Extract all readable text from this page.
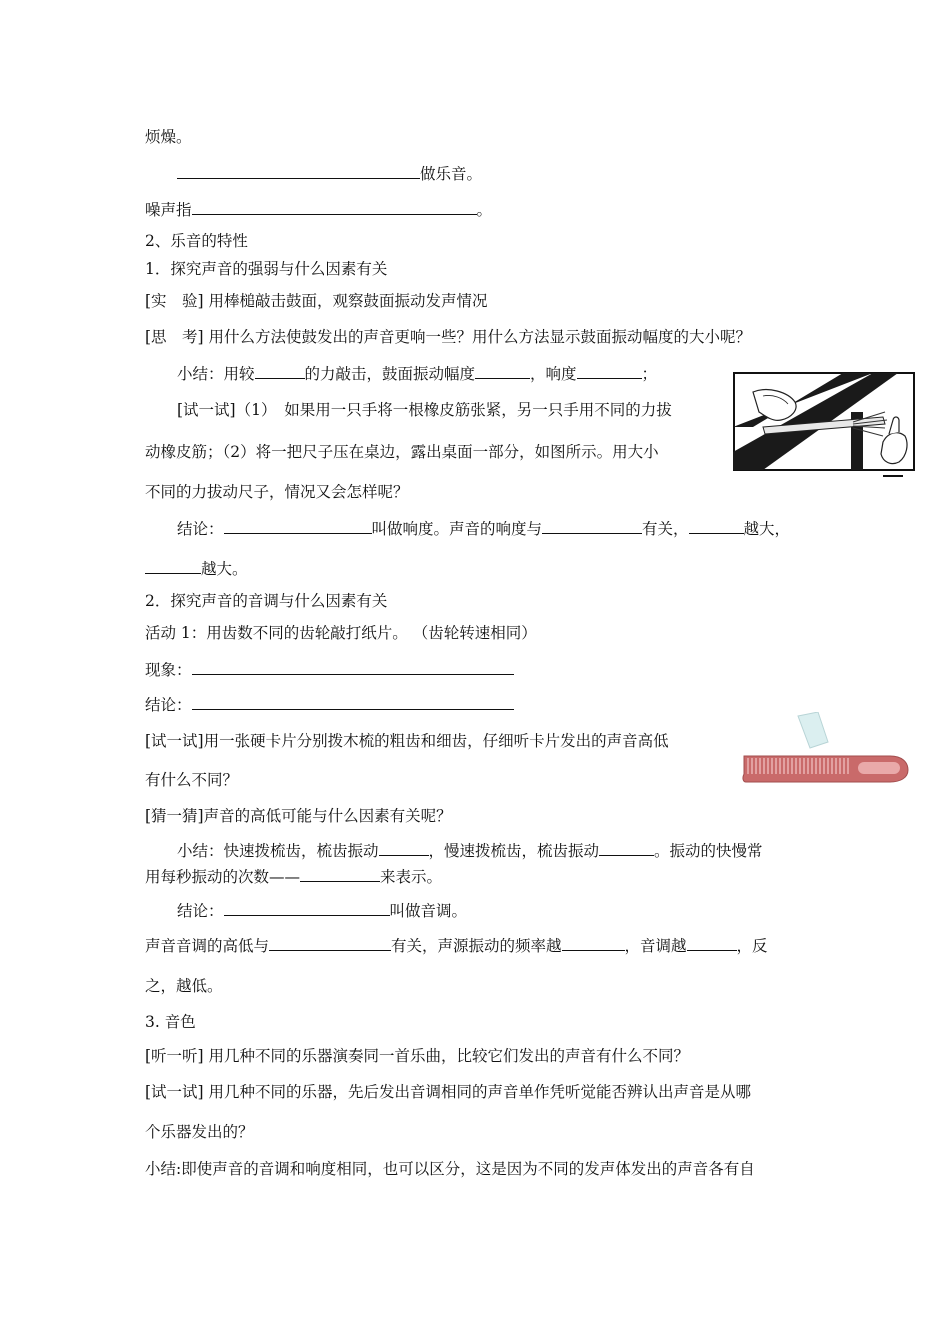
烦燥。
做乐音。
噪声指	。
2、乐音的特性
1．探究声音的强弱与什么因素有关
[实　验] 用棒槌敲击鼓面，观察鼓面振动发声情况
[思　考] 用什么方法使鼓发出的声音更响一些？用什么方法显示鼓面振动幅度的大小呢？
小结：用较	的力敲击，鼓面振动幅度	，响度	；
[试一试]（1）　如果用一只手将一根橡皮筋张紧，另一只手用不同的力拔
动橡皮筋；（2）将一把尺子压在桌边，露出桌面一部分，如图所示。用大小
不同的力拔动尺子，情况又会怎样呢？
结论：	叫做响度。声音的响度与	有关，	越大，
越大。
2．探究声音的音调与什么因素有关
活动 1：用齿数不同的齿轮敲打纸片。 （齿轮转速相同）
现象：
结论：
[试一试]用一张硬卡片分别拨木梳的粗齿和细齿，仔细听卡片发出的声音高低
有什么不同？
[猜一猜]声音的高低可能与什么因素有关呢？
小结：快速拨梳齿，梳齿振动	，慢速拨梳齿，梳齿振动	。振动的快慢常
用每秒振动的次数——	来表示。
结论：	叫做音调。
声音音调的高低与	有关，声源振动的频率越	，音调越	，反
之，越低。
3. 音色
[听一听] 用几种不同的乐器演奏同一首乐曲，比较它们发出的声音有什么不同？
[试一试] 用几种不同的乐器，先后发出音调相同的声音单作凭听觉能否辨认出声音是从哪
个乐器发出的？
小结:即使声音的音调和响度相同，也可以区分，这是因为不同的发声体发出的声音各有自
